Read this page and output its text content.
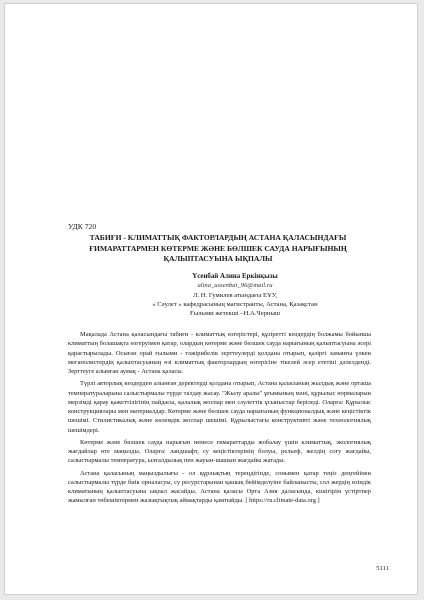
УДК 720
ТАБИҒИ - КЛИМАТТЫҚ ФАКТОРЛАРДЫҢ АСТАНА ҚАЛАСЫНДАҒЫ ҒИМАРАТТАРМЕН КӨТЕРМЕ ЖӘНЕ БӨЛШЕК САУДА НАРЫҒЫНЫҢ ҚАЛЫПТАСУЫНА ЫҚПАЛЫ
Үсенбай Алина Еркінқызы
alina_ussenbai_96@mail.ru
Л. Н. Гумилев атындағы ЕҰУ,
« Сәулет » кафедрасының магистранты, Астана, Қазақстан
Ғылыми жетекші –Н.А.Черныш

Мақалада Астана қаласындағы табиғи - климаттық өзгерістері, құзіретті көздердің болжамы бойынша климаттың болашақта өзгеруімен қатар, олардың көтерме және бөлшек сауда нарығының қалыптасуына әсері қарастырылады. Осыған орай ғылыми - тәжірибелік зерттеулерді қолдана отырып, қазіргі заманғы үлкен мегаполистердің қалыптасуының өзі климаттық факторлардың өзгерісіне тікелей әсер ететіні дәлелденді. Зерттеуге алынған аумақ - Астана қаласы.

Түрлі авторлық көздерден алынған деректерді қолдана отырып, Астана қаласының жылдық және орташа температураларына салыстырмалы түрде талдау жасау. "Жылу аралы" ұғымының мәні, құрылыс нормаларын мерзімді қарау қажеттілігінің пайдасы, қалалық жоспар мен сәулеттік ұсыныстар беріледі. Оларға: Құрылыс конструкциялары мен материалдар. Көтерме және бөлшек сауда нарығының функционалдық және кеңістіктік шешімі. Стилистикалық және көлемдік жоспар шешімі. Құрылыстағы конструктивті және технологиялық шешімдері.

Көтерме және бөлшек сауда нарығын немесе ғимараттарды жобалау үшін климаттық, экологиялық жағдайлар өте маңызды. Оларға: ландшафт, су кеңістіктерінің болуы, рельеф, желдің соғу жағдайы, салыстырмалы температура, ылғалдылық пен жауын-шашын жағдайы жатады.

Астана қаласының маңыздылығы - ол құрлықтың тереңдігінде, сонымен қатар теңіз деңгейінен салыстырмалы түрде биік орналасуы, су ресурстарынан қашық бейімделуіне байланысты, сол жердің өзіндік климатының қалыптасуына ықпал жасайды. Астана қаласы Орта Азия даласында, кішігірім үстіртпер жамылған төбешіктермен жазықтықтық аймақтарды қамтыйды. [ https://ru.climate-data.org ]

5111
